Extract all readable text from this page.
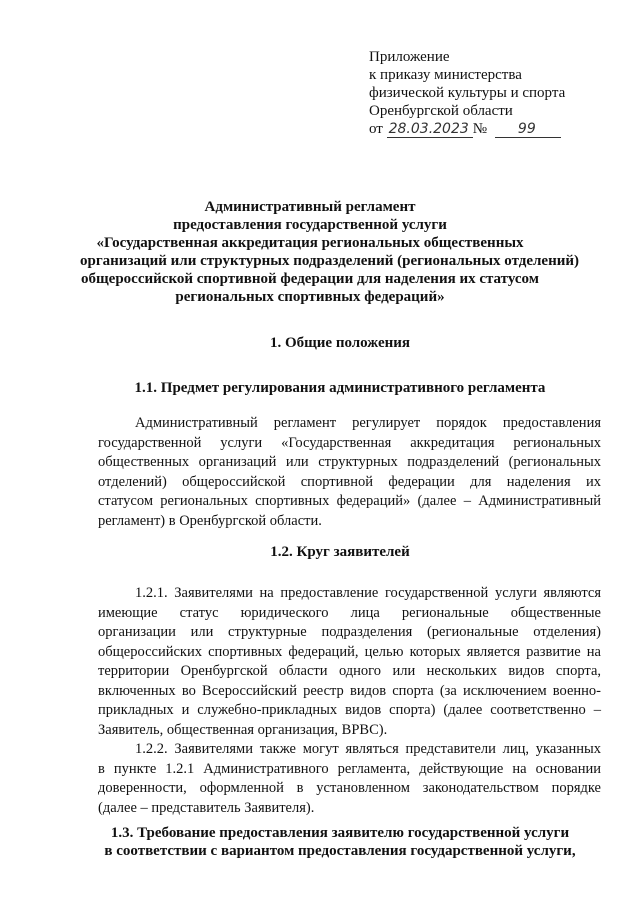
Приложение
к приказу министерства
физической культуры и спорта
Оренбургской области
от 28.03.2023 № 99
Административный регламент
предоставления государственной услуги
«Государственная аккредитация региональных общественных
организаций или структурных подразделений (региональных отделений)
общероссийской спортивной федерации для наделения их статусом
региональных спортивных федераций»
1. Общие положения
1.1. Предмет регулирования административного регламента
Административный регламент регулирует порядок предоставления
государственной услуги «Государственная аккредитация региональных
общественных организаций или структурных подразделений (региональных
отделений) общероссийской спортивной федерации для наделения их
статусом региональных спортивных федераций» (далее – Административный
регламент) в Оренбургской области.
1.2. Круг заявителей
1.2.1. Заявителями на предоставление государственной услуги являются
имеющие статус юридического лица региональные общественные
организации или структурные подразделения (региональные отделения)
общероссийских спортивных федераций, целью которых является развитие на
территории Оренбургской области одного или нескольких видов спорта,
включенных во Всероссийский реестр видов спорта (за исключением военно-
прикладных и служебно-прикладных видов спорта) (далее соответственно –
Заявитель, общественная организация, ВРВС).
1.2.2. Заявителями также могут являться представители лиц, указанных
в пункте 1.2.1 Административного регламента, действующие на основании
доверенности, оформленной в установленном законодательством порядке
(далее – представитель Заявителя).
1.3. Требование предоставления заявителю государственной услуги
в соответствии с вариантом предоставления государственной услуги,
